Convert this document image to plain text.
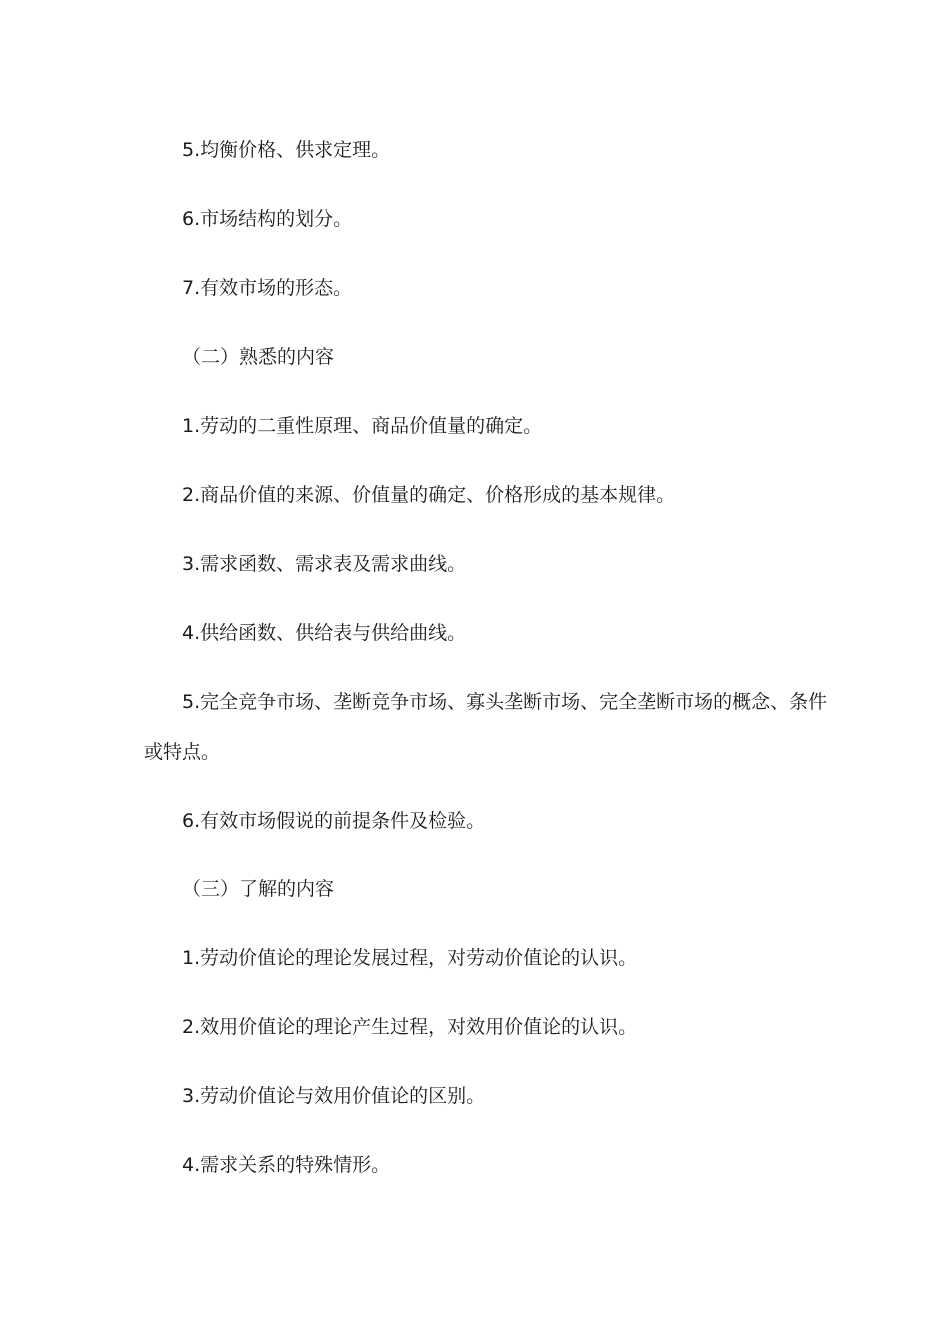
5.均衡价格、供求定理。
6.市场结构的划分。
7.有效市场的形态。
（二）熟悉的内容
1.劳动的二重性原理、商品价值量的确定。
2.商品价值的来源、价值量的确定、价格形成的基本规律。
3.需求函数、需求表及需求曲线。
4.供给函数、供给表与供给曲线。
5.完全竞争市场、垄断竞争市场、寡头垄断市场、完全垄断市场的概念、条件
或特点。
6.有效市场假说的前提条件及检验。
（三）了解的内容
1.劳动价值论的理论发展过程，对劳动价值论的认识。
2.效用价值论的理论产生过程，对效用价值论的认识。
3.劳动价值论与效用价值论的区别。
4.需求关系的特殊情形。
